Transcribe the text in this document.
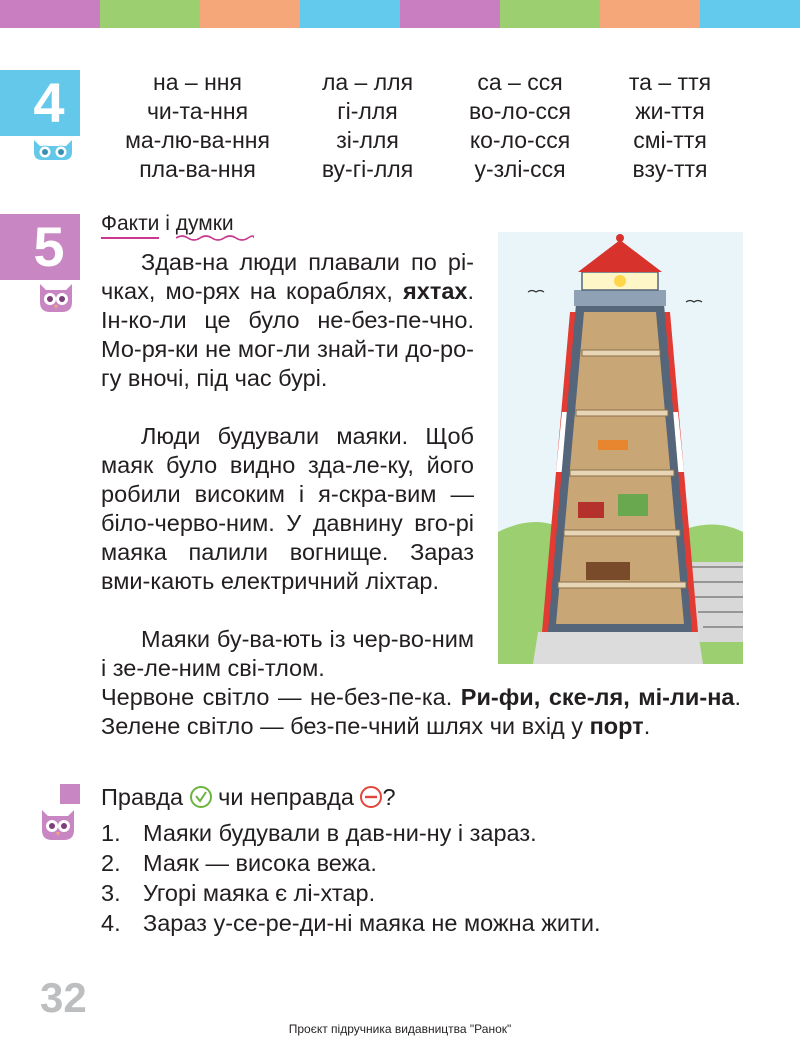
4	на – ння	ла – лля	са – сся	та – ття
чи-та-ння	гі-лля	во-ло-сся	жи-ття
ма-лю-ва-ння	зі-лля	ко-ло-сся	смі-ття
пла-ва-ння	ву-гі-лля	у-злі-сся	взу-ття
5	Факти і думки

Здав-на люди плавали по рі-чках, мо-рях на кораблях, яхтах. Ін-ко-ли це було не-без-пе-чно. Мо-ря-ки не мог-ли знай-ти до-ро-гу вночі, під час бурі.

Люди будували маяки. Щоб маяк було видно зда-ле-ку, його робили високим і я-скра-вим — біло-черво-ним. У давнину вго-рі маяка палили вогнище. Зараз вми-кають електричний ліхтар.

Маяки бу-ва-ють із чер-во-ним і зе-ле-ним сві-тлом.

Червоне світло — не-без-пе-ка. Ри-фи, ске-ля, мі-ли-на. Зелене світло — без-пе-чний шлях чи вхід у порт.

Правда чи неправда ?
1. Маяки будували в дав-ни-ну і зараз.
2. Маяк — висока вежа.
3. Угорі маяка є лі-хтар.
4. Зараз у-се-ре-ди-ні маяка не можна жити.
32
Проєкт підручника видавництва "Ранок"
